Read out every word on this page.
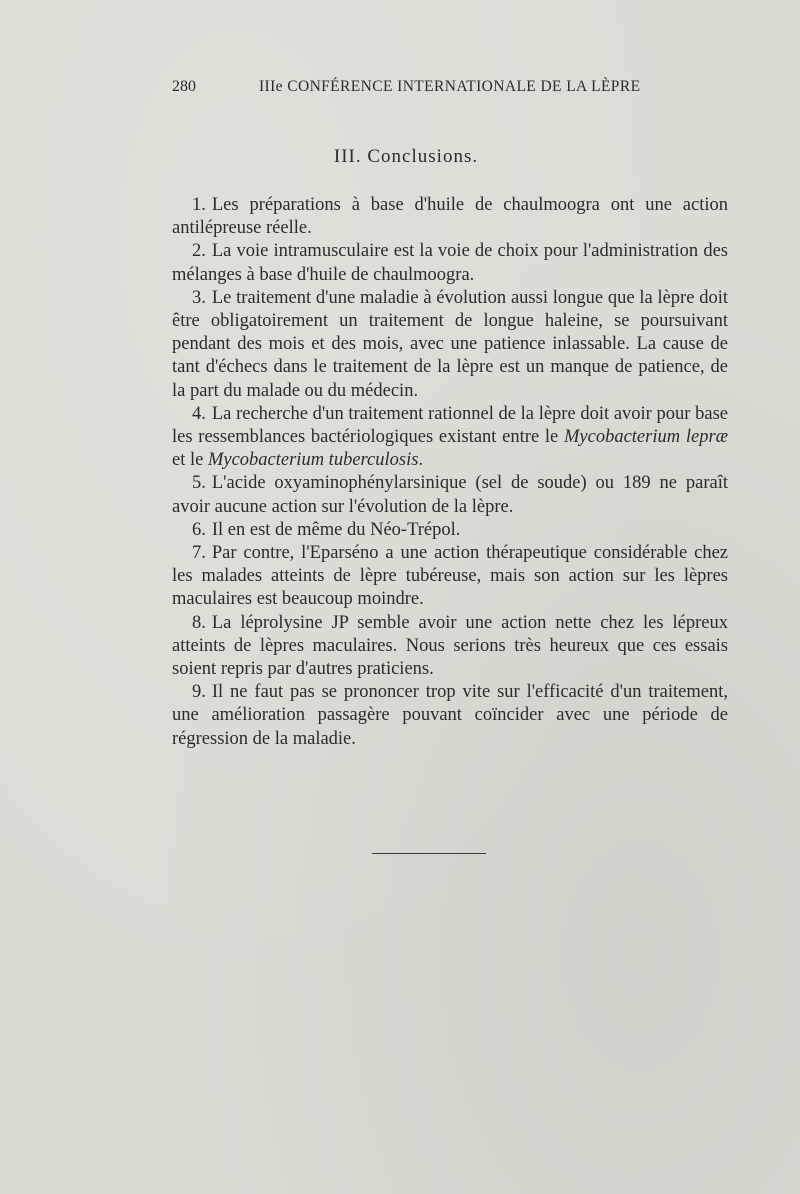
280	IIIe CONFÉRENCE INTERNATIONALE DE LA LÈPRE
III. Conclusions.

1. Les préparations à base d'huile de chaulmoogra ont une action antilépreuse réelle.

2. La voie intramusculaire est la voie de choix pour l'administration des mélanges à base d'huile de chaulmoogra.

3. Le traitement d'une maladie à évolution aussi longue que la lèpre doit être obligatoirement un traitement de longue haleine, se poursuivant pendant des mois et des mois, avec une patience inlassable. La cause de tant d'échecs dans le traitement de la lèpre est un manque de patience, de la part du malade ou du médecin.

4. La recherche d'un traitement rationnel de la lèpre doit avoir pour base les ressemblances bactériologiques existant entre le Mycobacterium lepræ et le Mycobacterium tuberculosis.

5. L'acide oxyaminophénylarsinique (sel de soude) ou 189 ne paraît avoir aucune action sur l'évolution de la lèpre.

6. Il en est de même du Néo-Trépol.

7. Par contre, l'Eparséno a une action thérapeutique considérable chez les malades atteints de lèpre tubéreuse, mais son action sur les lèpres maculaires est beaucoup moindre.

8. La léprolysine JP semble avoir une action nette chez les lépreux atteints de lèpres maculaires. Nous serions très heureux que ces essais soient repris par d'autres praticiens.

9. Il ne faut pas se prononcer trop vite sur l'efficacité d'un traitement, une amélioration passagère pouvant coïncider avec une période de régression de la maladie.
